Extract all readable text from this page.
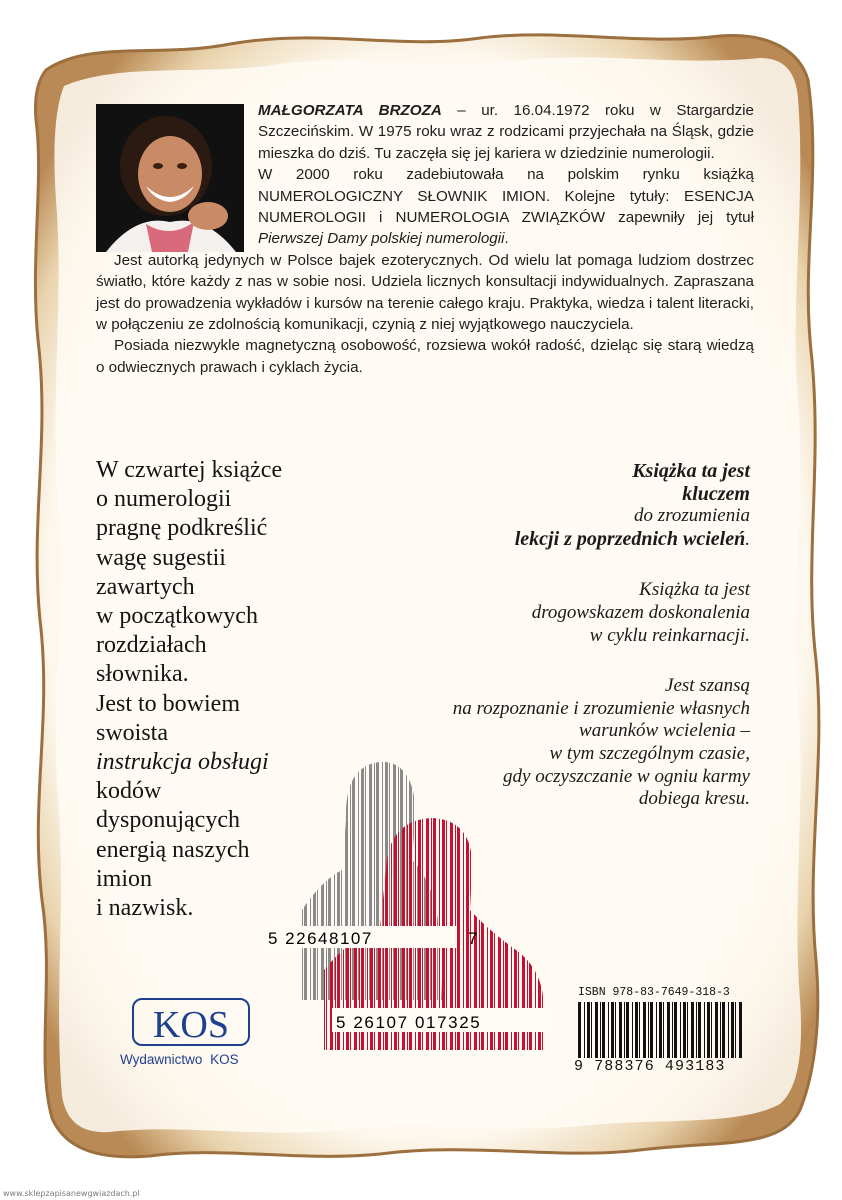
MAŁGORZATA BRZOZA – ur. 16.04.1972 roku w Stargardzie Szczecińskim. W 1975 roku wraz z rodzicami przyjechała na Śląsk, gdzie mieszka do dziś. Tu zaczęła się jej kariera w dziedzinie numerologii.

W 2000 roku zadebiutowała na polskim rynku książką NUMEROLOGICZNY SŁOWNIK IMION. Kolejne tytuły: ESENCJA NUMEROLOGII i NUMEROLOGIA ZWIĄZKÓW zapewniły jej tytuł Pierwszej Damy polskiej numerologii.

Jest autorką jedynych w Polsce bajek ezoterycznych. Od wielu lat pomaga ludziom dostrzec światło, które każdy z nas w sobie nosi. Udziela licznych konsultacji indywidualnych. Zapraszana jest do prowadzenia wykładów i kursów na terenie całego kraju. Praktyka, wiedza i talent literacki, w połączeniu ze zdolnością komunikacji, czynią z niej wyjątkowego nauczyciela.

Posiada niezwykle magnetyczną osobowość, rozsiewa wokół radość, dzieląc się starą wiedzą o odwiecznych prawach i cyklach życia.

W czwartej książce
o numerologii
pragnę podkreślić
wagę sugestii
zawartych
w początkowych
rozdziałach
słownika.
Jest to bowiem
swoista
instrukcja obsługi
kodów
dysponujących
energią naszych
imion
i nazwisk.
Książka ta jest
kluczem
do zrozumienia
lekcji z poprzednich wcieleń.
Książka ta jest
drogowskazem doskonalenia
w cyklu reinkarnacji.
Jest szansą
na rozpoznanie i zrozumienie własnych
warunków wcielenia –
w tym szczególnym czasie,
gdy oczyszczanie w ogniu karmy
dobiega kresu.
5 22648107	7
5 26107 017325
KOS
Wydawnictwo KOS
ISBN 978-83-7649-318-3
9 788376 493183
www.sklepzapisanewgwiazdach.pl
